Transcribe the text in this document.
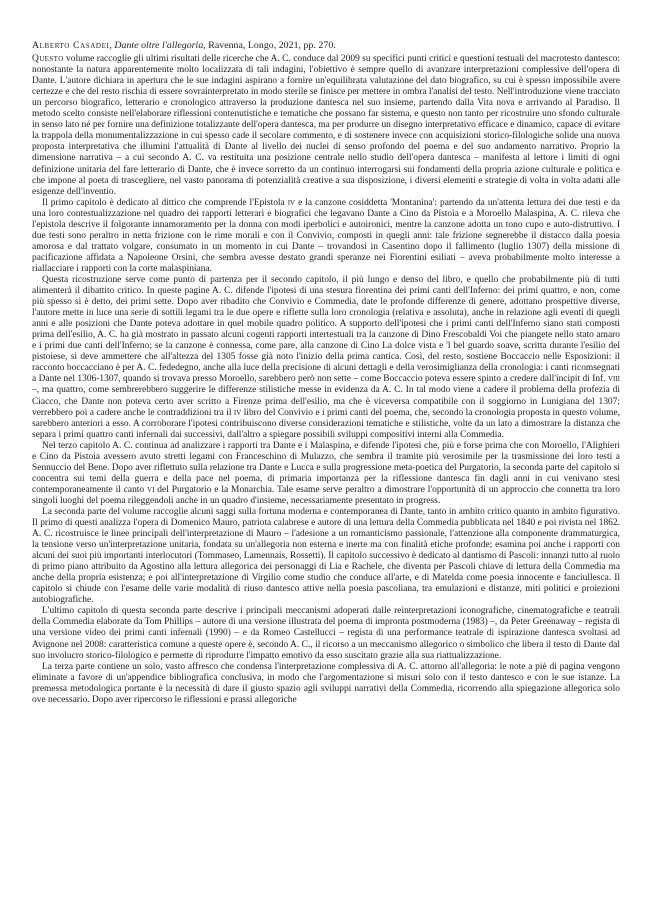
Alberto Casadei, Dante oltre l'allegoria, Ravenna, Longo, 2021, pp. 270.

Questo volume raccoglie gli ultimi risultati delle ricerche che A. C. conduce dal 2009 su specifici punti critici e questioni testuali del macrotesto dantesco: nonostante la natura apparentemente molto localizzata di tali indagini, l'obiettivo è sempre quello di avanzare interpretazioni complessive dell'opera di Dante. L'autore dichiara in apertura che le sue indagini aspirano a fornire un'equilibrata valutazione del dato biografico, su cui è spesso impossibile avere certezze e che del resto rischia di essere sovrainterpretato in modo sterile se finisce per mettere in ombra l'analisi del testo. Nell'introduzione viene tracciato un percorso biografico, letterario e cronologico attraverso la produzione dantesca nel suo insieme, partendo dalla Vita nova e arrivando al Paradiso. Il metodo scelto consiste nell'elaborare riflessioni contenutistiche e tematiche che possano far sistema, e questo non tanto per ricostruire uno sfondo culturale in senso lato né per fornire una definizione totalizzante dell'opera dantesca, ma per produrre un disegno interpretativo efficace e dinamico, capace di evitare la trappola della monumentalizzazione in cui spesso cade il secolare commento, e di sostenere invece con acquisizioni storico-filologiche solide una nuova proposta interpretativa che illumini l'attualità di Dante al livello dei nuclei di senso profondo del poema e del suo andamento narrativo. Proprio la dimensione narrativa – a cui secondo A. C. va restituita una posizione centrale nello studio dell'opera dantesca – manifesta al lettore i limiti di ogni definizione unitaria del fare letterario di Dante, che è invece sorretto da un continuo interrogarsi sui fondamenti della propria azione culturale e politica e che impone al poeta di trascegliere, nel vasto panorama di potenzialità creative a sua disposizione, i diversi elementi e strategie di volta in volta adatti alle esigenze dell'inventio.

Il primo capitolo è dedicato al dittico che comprende l'Epistola iv e la canzone cosiddetta 'Montanina': partendo da un'attenta lettura dei due testi e da una loro contestualizzazione nel quadro dei rapporti letterari e biografici che legavano Dante a Cino da Pistoia e a Moroello Malaspina, A. C. rileva che l'epistola descrive il folgorante innamoramento per la donna con modi iperbolici e autoironici, mentre la canzone adotta un tono cupo e auto-distruttivo. I due testi sono peraltro in netta frizione con le rime morali e con il Convivio, composti in quegli anni: tale frizione segnerebbe il distacco dalla poesia amorosa e dal trattato volgare, consumato in un momento in cui Dante – trovandosi in Casentino dopo il fallimento (luglio 1307) della missione di pacificazione affidata a Napoleone Orsini, che sembra avesse destato grandi speranze nei Fiorentini esiliati – aveva probabilmente molto interesse a riallacciare i rapporti con la corte malaspiniana.

Questa ricostruzione serve come punto di partenza per il secondo capitolo, il più lungo e denso del libro, e quello che probabilmente più di tutti alimenterà il dibattito critico. In queste pagine A. C. difende l'ipotesi di una stesura fiorentina dei primi canti dell'Inferno: dei primi quattro, e non, come più spesso si è detto, dei primi sette. Dopo aver ribadito che Convivio e Commedia, date le profonde differenze di genere, adottano prospettive diverse, l'autore mette in luce una serie di sottili legami tra le due opere e riflette sulla loro cronologia (relativa e assoluta), anche in relazione agli eventi di quegli anni e alle posizioni che Dante poteva adottare in quel mobile quadro politico. A supporto dell'ipotesi che i primi canti dell'Inferno siano stati composti prima dell'esilio, A. C. ha già mostrato in passato alcuni cogenti rapporti intertestuali tra la canzone di Dino Frescobaldi Voi che piangete nello stato amaro e i primi due canti dell'Inferno; se la canzone è connessa, come pare, alla canzone di Cino La dolce vista e 'l bel guardo soave, scritta durante l'esilio del pistoiese, si deve ammettere che all'altezza del 1305 fosse già noto l'inizio della prima cantica. Così, del resto, sostiene Boccaccio nelle Esposizioni: il racconto boccacciano è per A. C. fededegno, anche alla luce della precisione di alcuni dettagli e della verosimiglianza della cronologia: i canti ricomsegnati a Dante nel 1306-1307, quando si trovava presso Moroello, sarebbero però non sette – come Boccaccio poteva essere spinto a credere dall'incipit di Inf. viii –, ma quattro, come sembrerebbero suggerire le differenze stilistiche messe in evidenza da A. C. In tal modo viene a cadere il problema della profezia di Ciacco, che Dante non poteva certo aver scritto a Firenze prima dell'esilio, ma che è viceversa compatibile con il soggiorno in Lunigiana del 1307; verrebbero poi a cadere anche le contraddizioni tra il iv libro del Convivio e i primi canti del poema, che, secondo la cronologia proposta in questo volume, sarebbero anteriori a esso. A corroborare l'ipotesi contribuiscono diverse considerazioni tematiche e stilistiche, volte da un lato a dimostrare la distanza che separa i primi quattro canti infernali dai successivi, dall'altro a spiegare possibili sviluppi compositivi interni alla Commedia.

Nel terzo capitolo A. C. continua ad analizzare i rapporti tra Dante e i Malaspina, e difende l'ipotesi che, più e forse prima che con Moroello, l'Alighieri e Cino da Pistoia avessero avuto stretti legami con Franceschino di Mulazzo, che sembra il tramite più verosimile per la trasmissione dei loro testi a Sennuccio del Bene. Dopo aver riflettuto sulla relazione tra Dante e Lucca e sulla progressione meta-poetica del Purgatorio, la seconda parte del capitolo si concentra sui temi della guerra e della pace nel poema, di primaria importanza per la riflessione dantesca fin dagli anni in cui venivano stesi contemporaneamente il canto vi del Purgatorio e la Monarchia. Tale esame serve peraltro a dimostrare l'opportunità di un approccio che connetta tra loro singoli luoghi del poema rileggendoli anche in un quadro d'insieme, necessariamente presentato in progress.

La seconda parte del volume raccoglie alcuni saggi sulla fortuna moderna e contemporanea di Dante, tanto in ambito critico quanto in ambito figurativo. Il primo di questi analizza l'opera di Domenico Mauro, patriota calabrese e autore di una lettura della Commedia pubblicata nel 1840 e poi rivista nel 1862. A. C. ricostruisce le linee principali dell'interpretazione di Mauro – l'adesione a un romanticismo passionale, l'attenzione alla componente drammaturgica, la tensione verso un'interpretazione unitaria, fondata su un'allegoria non esterna e inerte ma con finalità etiche profonde; esamina poi anche i rapporti con alcuni dei suoi più importanti interlocutori (Tommaseo, Lamennais, Rossetti). Il capitolo successivo è dedicato al dantismo di Pascoli: innanzi tutto al ruolo di primo piano attribuito da Agostino alla lettura allegorica dei personaggi di Lia e Rachele, che diventa per Pascoli chiave di lettura della Commedia ma anche della propria esistenza; e poi all'interpretazione di Virgilio come studio che conduce all'arte, e di Matelda come poesia innocente e fanciullesca. Il capitolo si chiude con l'esame delle varie modalità di riuso dantesco attive nella poesia pascoliana, tra emulazioni e distanze, miti politici e proiezioni autobiografiche.

L'ultimo capitolo di questa seconda parte descrive i principali meccanismi adoperati dalle reinterpretazioni iconografiche, cinematografiche e teatrali della Commedia elaborate da Tom Phillips – autore di una versione illustrata del poema di impronta postmoderna (1983) –, da Peter Greenaway – regista di una versione video dei primi canti infernali (1990) – e da Romeo Castellucci – regista di una performance teatrale di ispirazione dantesca svoltasi ad Avignone nel 2008: caratteristica comune a queste opere è, secondo A. C., il ricorso a un meccanismo allegorico o simbolico che libera il testo di Dante dal suo involucro storico-filologico e permette di riprodurre l'impatto emotivo da esso suscitato grazie alla sua riattualizzazione.

La terza parte contiene un solo, vasto affresco che condensa l'interpretazione complessiva di A. C. attorno all'allegoria: le note a piè di pagina vengono eliminate a favore di un'appendice bibliografica conclusiva, in modo che l'argomentazione si misuri solo con il testo dantesco e con le sue istanze. La premessa metodologica portante è la necessità di dare il giusto spazio agli sviluppi narrativi della Commedia, ricorrendo alla spiegazione allegorica solo ove necessario. Dopo aver ripercorso le riflessioni e prassi allegoriche
